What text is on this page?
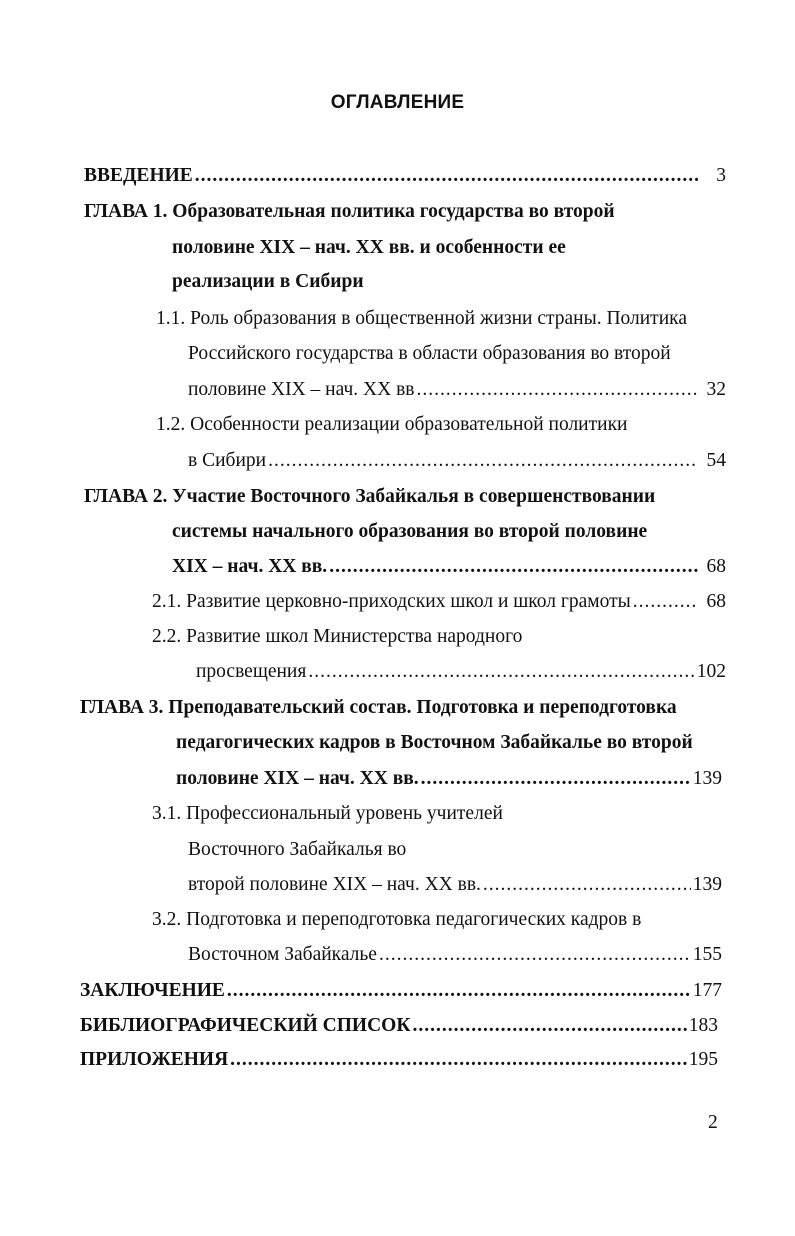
ОГЛАВЛЕНИЕ
ВВЕДЕНИЕ .....	3
ГЛАВА 1. Образовательная политика государства во второй
половине XIX – нач. XX вв. и особенности ее
реализации в Сибири
1.1. Роль образования в общественной жизни страны. Политика
Российского государства в области образования во второй
половине XIX – нач. XX вв .....	32
1.2. Особенности реализации образовательной политики
в Сибири .....	54
ГЛАВА 2. Участие Восточного Забайкалья в совершенствовании
системы начального образования во второй половине
XIX – нач. XX вв. .....	68
2.1. Развитие церковно-приходских школ и школ грамоты .....	68
2.2. Развитие школ Министерства народного
просвещения .....	102
ГЛАВА 3. Преподавательский состав. Подготовка и переподготовка
педагогических кадров в Восточном Забайкалье во второй
половине XIX – нач. XX вв. .....	139
3.1. Профессиональный уровень учителей
Восточного Забайкалья во
второй половине XIX – нач. XX вв. .....	139
3.2. Подготовка и переподготовка педагогических кадров в
Восточном Забайкалье .....	155
ЗАКЛЮЧЕНИЕ .....	177
БИБЛИОГРАФИЧЕСКИЙ СПИСОК .....	183
ПРИЛОЖЕНИЯ .....	195
2
